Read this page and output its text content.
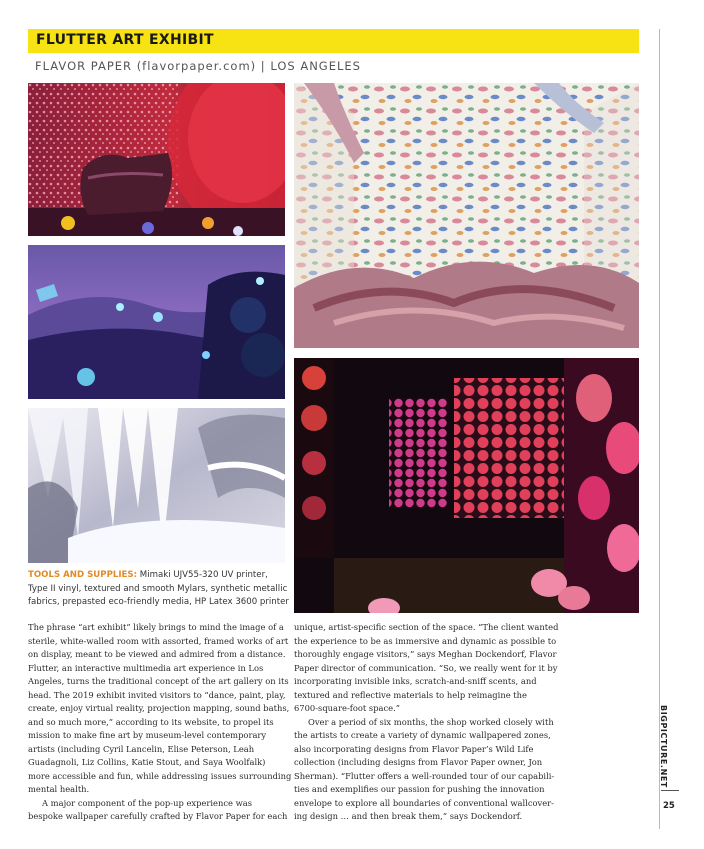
FLUTTER ART EXHIBIT
FLAVOR PAPER (flavorpaper.com) | LOS ANGELES
BIGPICTURE.NET
25
TOOLS AND SUPPLIES: Mimaki UJV55-320 UV printer, Type II vinyl, textured and smooth Mylars, synthetic metallic fabrics, prepasted eco-friendly media, HP Latex 3600 printer
The phrase “art exhibit” likely brings to mind the image of a
sterile, white-walled room with assorted, framed works of art
on display, meant to be viewed and admired from a distance.
Flutter, an interactive multimedia art experience in Los
Angeles, turns the traditional concept of the art gallery on its
head. The 2019 exhibit invited visitors to “dance, paint, play,
create, enjoy virtual reality, projection mapping, sound baths,
and so much more,” according to its website, to propel its
mission to make fine art by museum-level contemporary
artists (including Cyril Lancelin, Elise Peterson, Leah
Guadagnoli, Liz Collins, Katie Stout, and Saya Woolfalk)
more accessible and fun, while addressing issues surrounding
mental health.
A major component of the pop-up experience was
bespoke wallpaper carefully crafted by Flavor Paper for each
unique, artist-specific section of the space. “The client wanted
the experience to be as immersive and dynamic as possible to
thoroughly engage visitors,” says Meghan Dockendorf, Flavor
Paper director of communication. “So, we really went for it by
incorporating invisible inks, scratch-and-sniff scents, and
textured and reflective materials to help reimagine the
6700-square-foot space.”
Over a period of six months, the shop worked closely with
the artists to create a variety of dynamic wallpapered zones,
also incorporating designs from Flavor Paper’s Wild Life
collection (including designs from Flavor Paper owner, Jon
Sherman). “Flutter offers a well-rounded tour of our capabili-
ties and exemplifies our passion for pushing the innovation
envelope to explore all boundaries of conventional wallcover-
ing design … and then break them,” says Dockendorf.
